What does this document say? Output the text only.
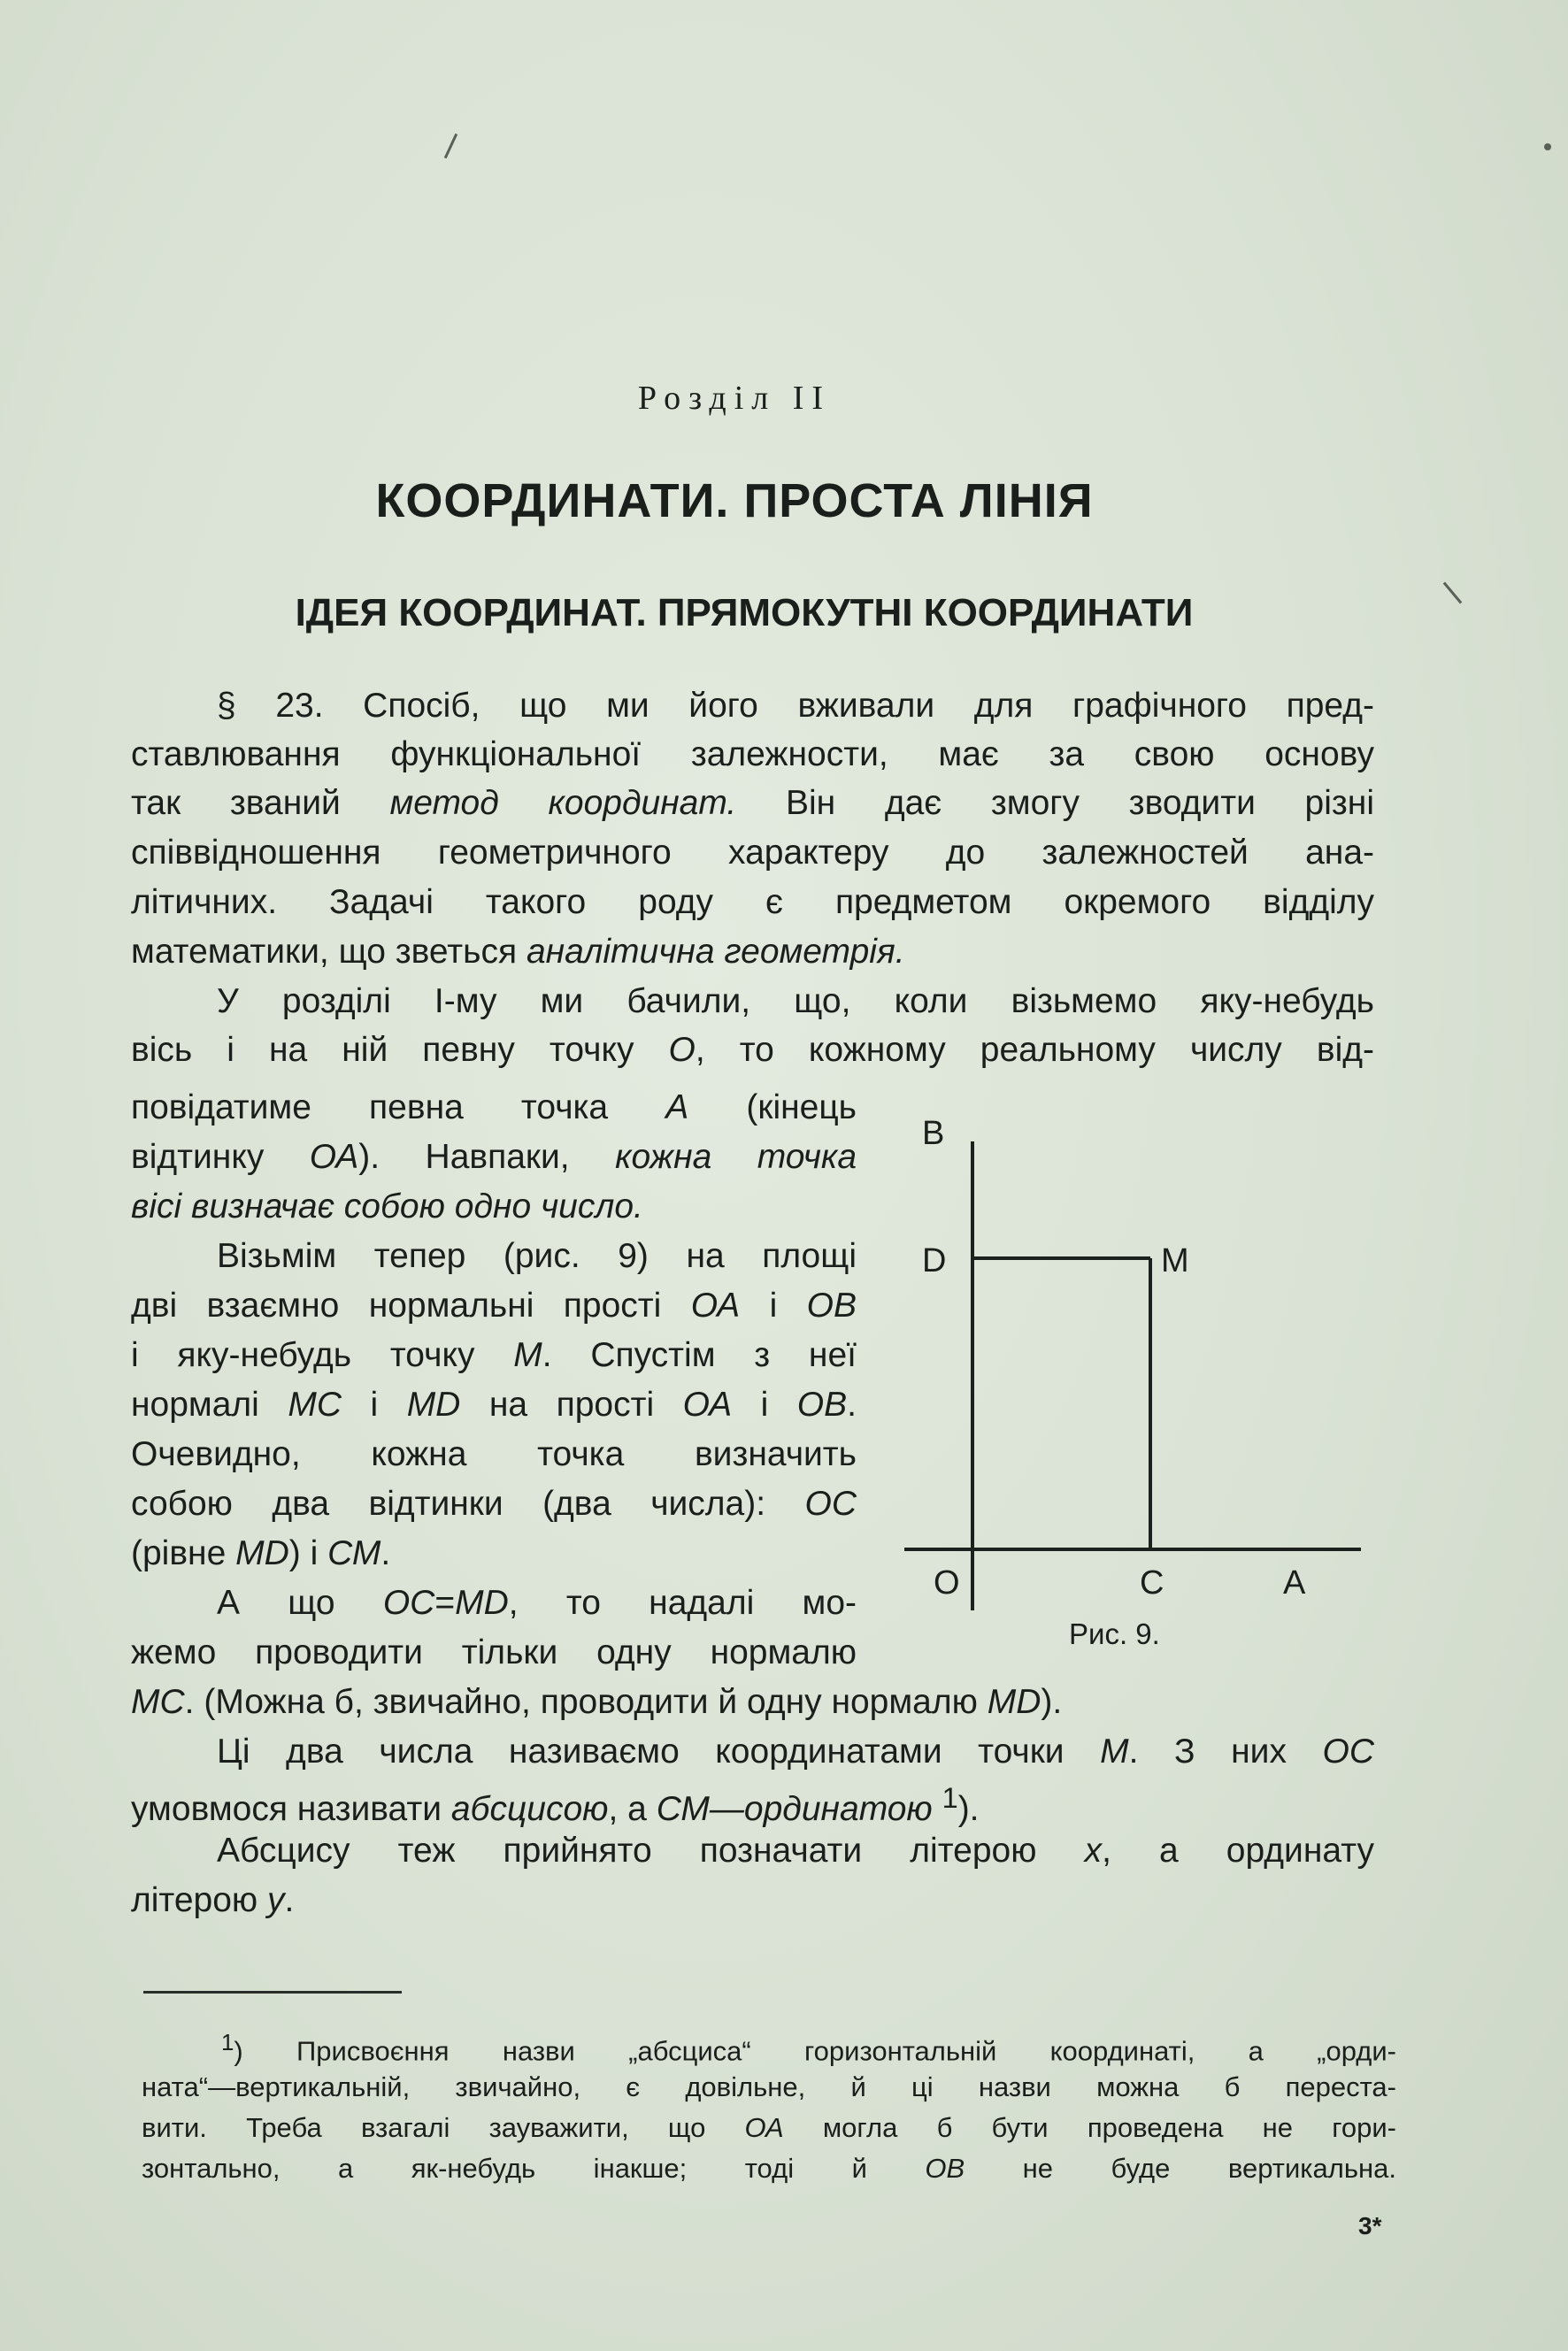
Розділ ІІ
КООРДИНАТИ. ПРОСТА ЛІНІЯ
ІДЕЯ КООРДИНАТ. ПРЯМОКУТНІ КООРДИНАТИ
§ 23. Спосіб, що ми його вживали для графічного пред-
ставлювання функціональної залежности, має за свою основу
так званий метод координат. Він дає змогу зводити різні
співвідношення геометричного характеру до залежностей ана-
літичних. Задачі такого роду є предметом окремого відділу
математики, що зветься аналітична геометрія.
У розділі І-му ми бачили, що, коли візьмемо яку-небудь
вісь і на ній певну точку О, то кожному реальному числу від-
повідатиме певна точка А (кінець
відтинку ОА). Навпаки, кожна точка
вісі визначає собою одно число.
Візьмім тепер (рис. 9) на площі
дві взаємно нормальні прості ОА і ОВ
і яку-небудь точку М. Спустім з неї
нормалі МС і МD на прості ОА і ОВ.
Очевидно, кожна точка визначить
собою два відтинки (два числа): ОС
(рівне МD) і СМ.
А що ОС=МD, то надалі мо-
жемо проводити тільки одну нормалю
МС. (Можна б, звичайно, проводити й одну нормалю МD).
Ці два числа називаємо координатами точки М. З них ОС
умовмося називати абсцисою, а СМ—ординатою $^1$).
Абсцису теж прийнято позначати літерою x, а ординату
літерою y.
B
D	M
O	C	A
Рис. 9.
$^1$) Присвоєння назви „абсциса“ горизонтальній координаті, а „орди-
ната“—вертикальній, звичайно, є довільне, й ці назви можна б переста-
вити. Треба взагалі зауважити, що ОА могла б бути проведена не гори-
зонтально, а як-небудь інакше; тоді й ОВ не буде вертикальна.
3*
